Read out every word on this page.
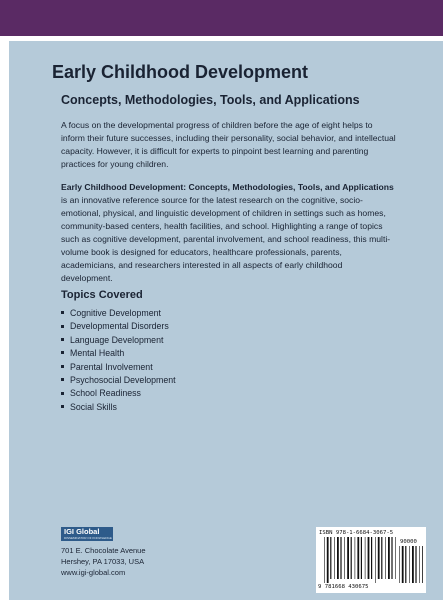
Early Childhood Development
Concepts, Methodologies, Tools, and Applications

A focus on the developmental progress of children before the age of eight helps to inform their future successes, including their personality, social behavior, and intellectual capacity. However, it is difficult for experts to pinpoint best learning and parenting practices for young children.

Early Childhood Development: Concepts, Methodologies, Tools, and Applications is an innovative reference source for the latest research on the cognitive, socio-emotional, physical, and linguistic development of children in settings such as homes, community-based centers, health facilities, and school. Highlighting a range of topics such as cognitive development, parental involvement, and school readiness, this multi-volume book is designed for educators, healthcare professionals, parents, academicians, and researchers interested in all aspects of early childhood development.

Topics Covered
Cognitive Development
Developmental Disorders
Language Development
Mental Health
Parental Involvement
Psychosocial Development
School Readiness
Social Skills
IGI Global
DISSEMINATOR OF KNOWLEDGE
701 E. Chocolate Avenue
Hershey, PA 17033, USA
www.igi-global.com
ISBN 978-1-6684-3067-5
90000
9 781668 430675
